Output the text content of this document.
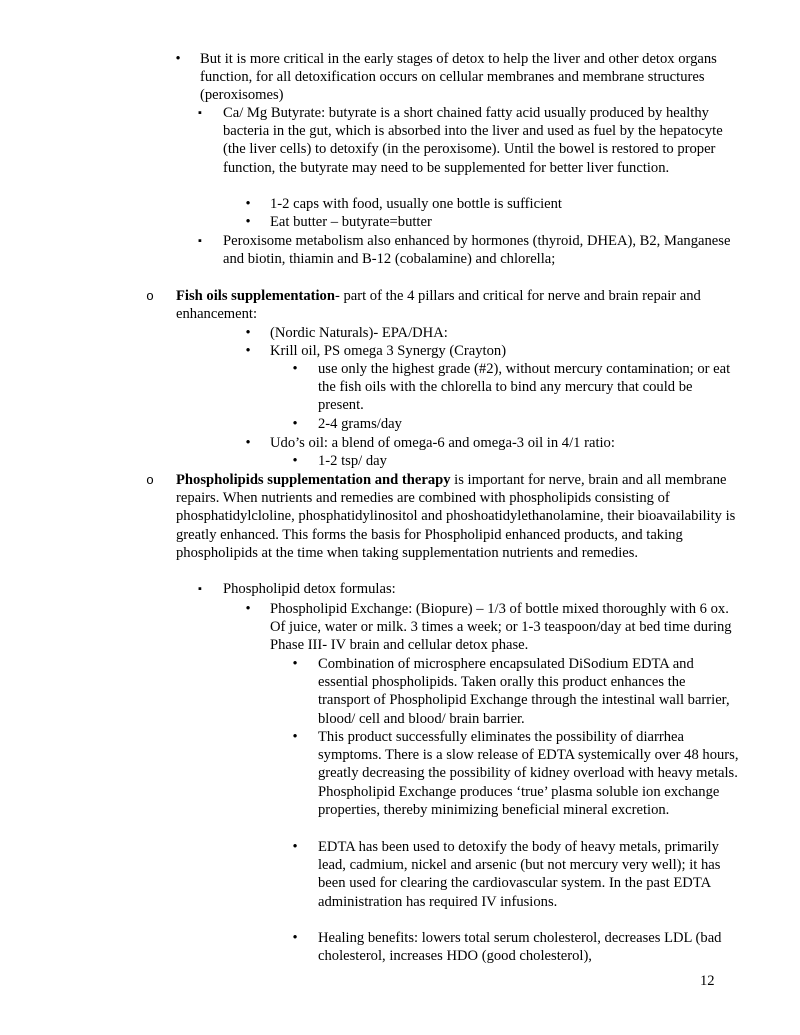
•	But it is more critical in the early stages of detox to help the liver and other detox organs function, for all detoxification occurs on cellular membranes and membrane structures (peroxisomes)
▪	Ca/ Mg Butyrate: butyrate is a short chained fatty acid usually produced by healthy bacteria in the gut, which is absorbed into the liver and used as fuel by the hepatocyte (the liver cells) to detoxify (in the peroxisome). Until the bowel is restored to proper function, the butyrate may need to be supplemented for better liver function.
•	1-2 caps with food, usually one bottle is sufficient
•	Eat butter – butyrate=butter
▪	Peroxisome metabolism also enhanced by hormones (thyroid, DHEA), B2, Manganese and biotin, thiamin and B-12 (cobalamine) and chlorella;
o Fish oils supplementation- part of the 4 pillars and critical for nerve and brain repair and enhancement:
•	(Nordic Naturals)- EPA/DHA:
•	Krill oil, PS omega 3 Synergy (Crayton)
•	use only the highest grade (#2), without mercury contamination; or eat the fish oils with the chlorella to bind any mercury that could be present.
•	2-4 grams/day
•	Udo’s oil: a blend of omega-6 and omega-3 oil in 4/1 ratio:
•	1-2 tsp/ day
o Phospholipids supplementation and therapy is important for nerve, brain and all membrane repairs. When nutrients and remedies are combined with phospholipids consisting of phosphatidylcloline, phosphatidylinositol and phoshoatidylethanolamine, their bioavailability is greatly enhanced. This forms the basis for Phospholipid enhanced products, and taking phospholipids at the time when taking supplementation nutrients and remedies.
▪	Phospholipid detox formulas:
•	Phospholipid Exchange: (Biopure) – 1/3 of bottle mixed thoroughly with 6 ox. Of juice, water or milk. 3 times a week; or 1-3 teaspoon/day at bed time during Phase III- IV brain and cellular detox phase.
•	Combination of microsphere encapsulated DiSodium EDTA and essential phospholipids. Taken orally this product enhances the transport of Phospholipid Exchange through the intestinal wall barrier, blood/ cell and blood/ brain barrier.
•	This product successfully eliminates the possibility of diarrhea symptoms. There is a slow release of EDTA systemically over 48 hours, greatly decreasing the possibility of kidney overload with heavy metals. Phospholipid Exchange produces ‘true’ plasma soluble ion exchange properties, thereby minimizing beneficial mineral excretion.
•	EDTA has been used to detoxify the body of heavy metals, primarily lead, cadmium, nickel and arsenic (but not mercury very well); it has been used for clearing the cardiovascular system. In the past EDTA administration has required IV infusions.
•	Healing benefits: lowers total serum cholesterol, decreases LDL (bad cholesterol, increases HDO (good cholesterol),
12
